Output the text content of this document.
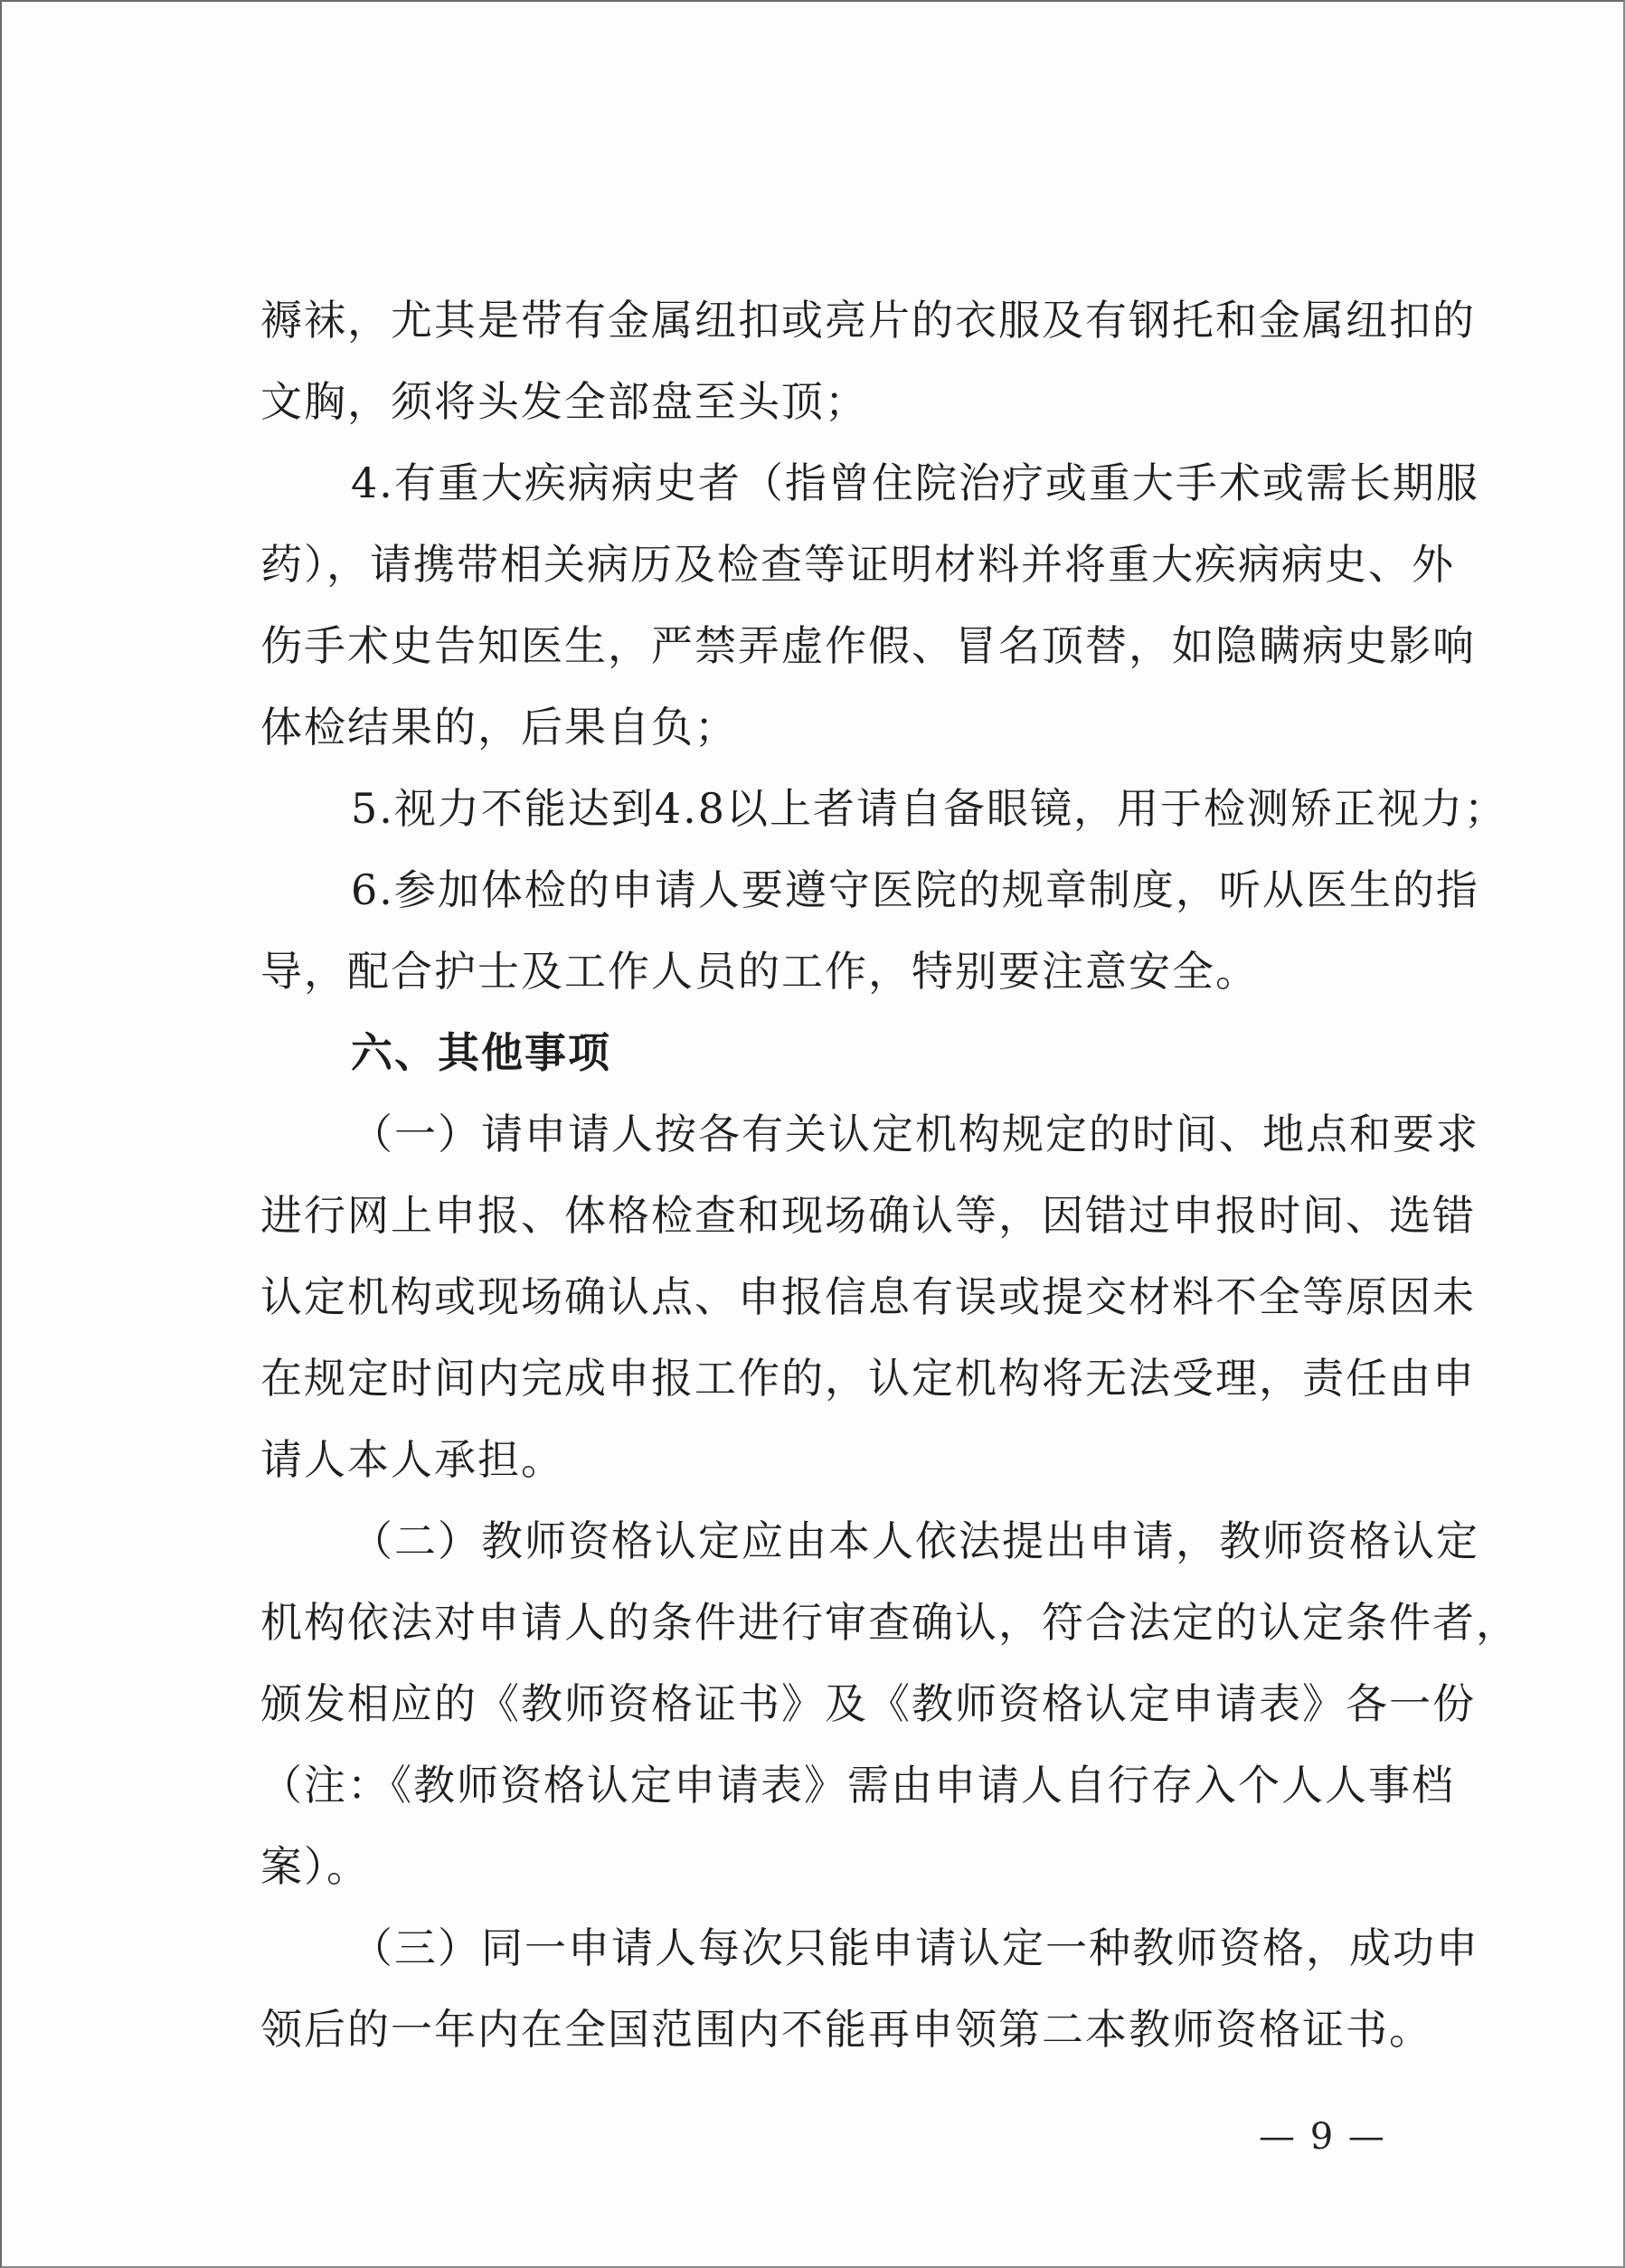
褥袜，尤其是带有金属纽扣或亮片的衣服及有钢托和金属纽扣的
文胸，须将头发全部盘至头顶；
4.有重大疾病病史者（指曾住院治疗或重大手术或需长期服
药），请携带相关病历及检查等证明材料并将重大疾病病史、外
伤手术史告知医生，严禁弄虚作假、冒名顶替，如隐瞒病史影响
体检结果的，后果自负；
5.视力不能达到4.8以上者请自备眼镜，用于检测矫正视力；
6.参加体检的申请人要遵守医院的规章制度，听从医生的指
导，配合护士及工作人员的工作，特别要注意安全。
六、其他事项
（一）请申请人按各有关认定机构规定的时间、地点和要求
进行网上申报、体格检查和现场确认等，因错过申报时间、选错
认定机构或现场确认点、申报信息有误或提交材料不全等原因未
在规定时间内完成申报工作的，认定机构将无法受理，责任由申
请人本人承担。
（二）教师资格认定应由本人依法提出申请，教师资格认定
机构依法对申请人的条件进行审查确认，符合法定的认定条件者，
颁发相应的《教师资格证书》及《教师资格认定申请表》各一份
（注：《教师资格认定申请表》需由申请人自行存入个人人事档
案）。
（三）同一申请人每次只能申请认定一种教师资格，成功申
领后的一年内在全国范围内不能再申领第二本教师资格证书。
— 9 —
